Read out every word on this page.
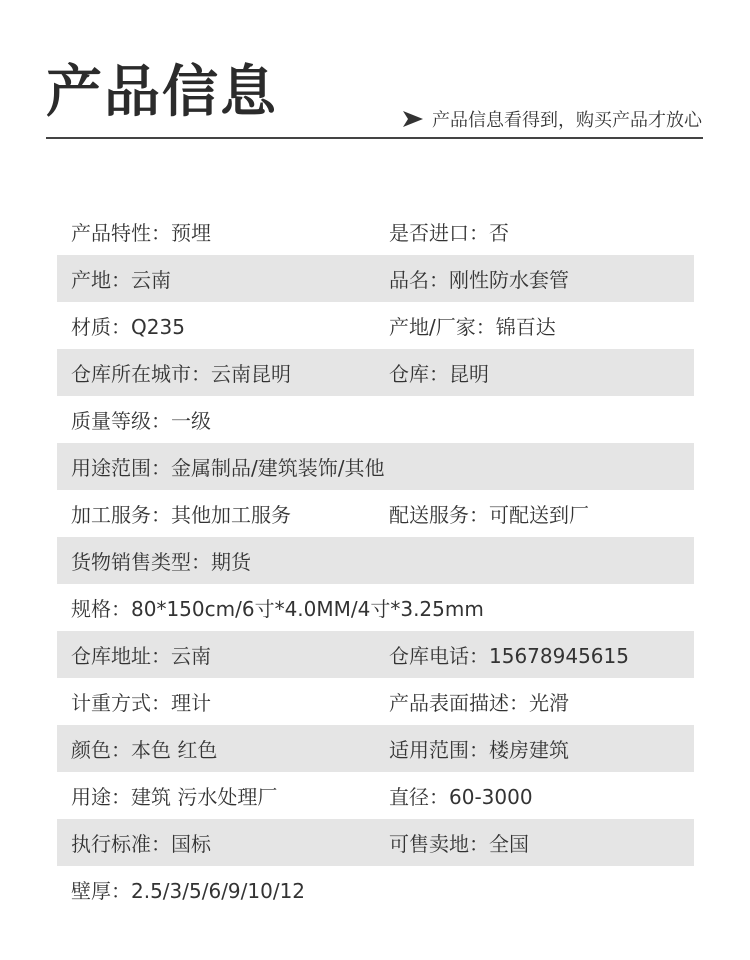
产品信息	产品信息看得到，购买产品才放心
产品特性：预埋	是否进口：否
产地：云南	品名：刚性防水套管
材质：Q235	产地/厂家：锦百达
仓库所在城市：云南昆明	仓库：昆明
质量等级：一级
用途范围：金属制品/建筑装饰/其他
加工服务：其他加工服务	配送服务：可配送到厂
货物销售类型：期货
规格：80*150cm/6寸*4.0MM/4寸*3.25mm
仓库地址：云南	仓库电话：15678945615
计重方式：理计	产品表面描述：光滑
颜色：本色 红色	适用范围：楼房建筑
用途：建筑 污水处理厂	直径：60-3000
执行标准：国标	可售卖地：全国
壁厚：2.5/3/5/6/9/10/12
